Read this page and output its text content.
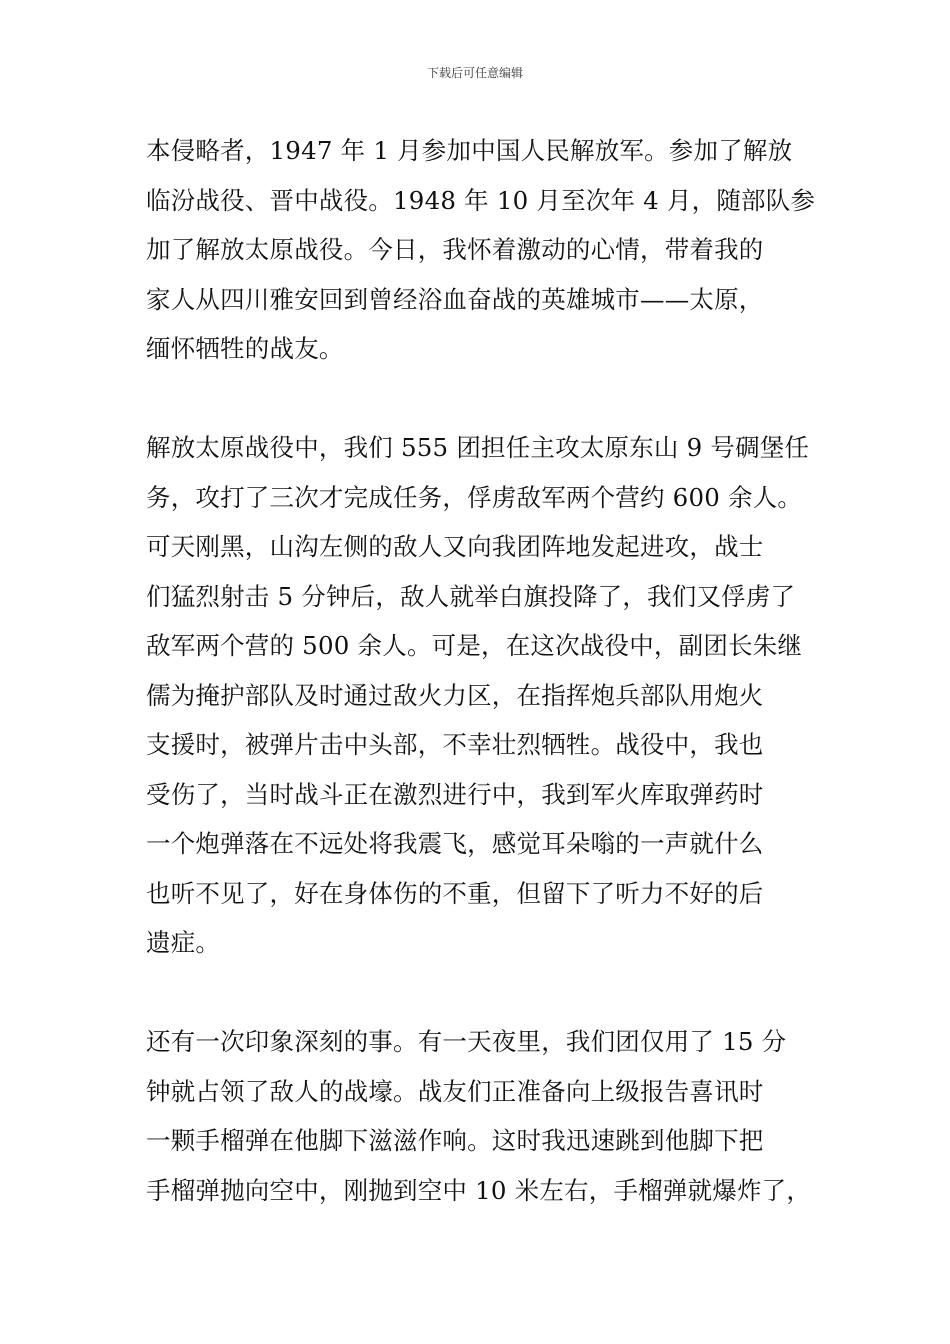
下载后可任意编辑
本侵略者，1947 年 1 月参加中国人民解放军。参加了解放
临汾战役、晋中战役。1948 年 10 月至次年 4 月，随部队参
加了解放太原战役。今日，我怀着激动的心情，带着我的
家人从四川雅安回到曾经浴血奋战的英雄城市——太原，
缅怀牺牲的战友。
解放太原战役中，我们 555 团担任主攻太原东山 9 号碉堡任
务，攻打了三次才完成任务，俘虏敌军两个营约 600 余人。
可天刚黑，山沟左侧的敌人又向我团阵地发起进攻，战士
们猛烈射击 5 分钟后，敌人就举白旗投降了，我们又俘虏了
敌军两个营的 500 余人。可是，在这次战役中，副团长朱继
儒为掩护部队及时通过敌火力区，在指挥炮兵部队用炮火
支援时，被弹片击中头部，不幸壮烈牺牲。战役中，我也
受伤了，当时战斗正在激烈进行中，我到军火库取弹药时
一个炮弹落在不远处将我震飞，感觉耳朵嗡的一声就什么
也听不见了，好在身体伤的不重，但留下了听力不好的后
遗症。
还有一次印象深刻的事。有一天夜里，我们团仅用了 15 分
钟就占领了敌人的战壕。战友们正准备向上级报告喜讯时
一颗手榴弹在他脚下滋滋作响。这时我迅速跳到他脚下把
手榴弹抛向空中，刚抛到空中 10 米左右，手榴弹就爆炸了，
